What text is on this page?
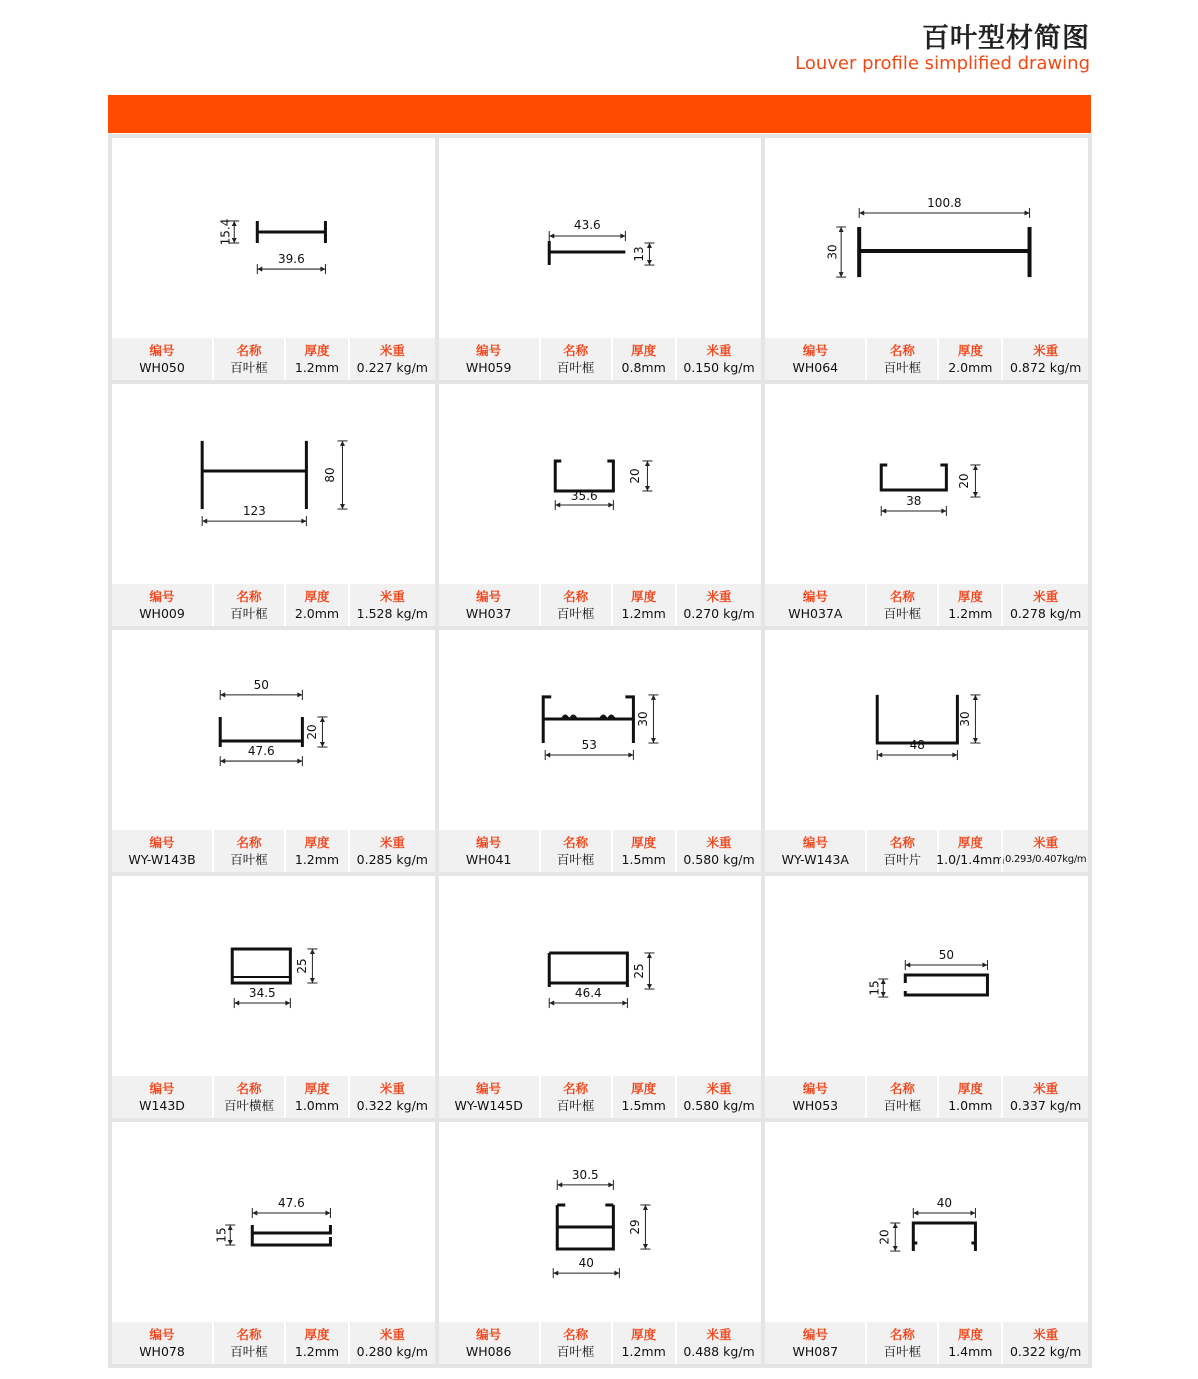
百叶型材简图
Louver profile simplified drawing
15.4
39.6
编号
WH050
名称
百叶框
厚度
1.2mm
米重
0.227 kg/m
43.6
13
编号
WH059
名称
百叶框
厚度
0.8mm
米重
0.150 kg/m
100.8
30
编号
WH064
名称
百叶框
厚度
2.0mm
米重
0.872 kg/m
80
123
编号
WH009
名称
百叶框
厚度
2.0mm
米重
1.528 kg/m
20
35.6
编号
WH037
名称
百叶框
厚度
1.2mm
米重
0.270 kg/m
20
38
编号
WH037A
名称
百叶框
厚度
1.2mm
米重
0.278 kg/m
50
20
47.6
编号
WY-W143B
名称
百叶框
厚度
1.2mm
米重
0.285 kg/m
30
53
编号
WH041
名称
百叶框
厚度
1.5mm
米重
0.580 kg/m
30
48
编号
WY-W143A
名称
百叶片
厚度
1.0/1.4mm
米重
0.293/0.407kg/m
25
34.5
编号
W143D
名称
百叶横框
厚度
1.0mm
米重
0.322 kg/m
25
46.4
编号
WY-W145D
名称
百叶框
厚度
1.5mm
米重
0.580 kg/m
50
15
编号
WH053
名称
百叶框
厚度
1.0mm
米重
0.337 kg/m
47.6
15
编号
WH078
名称
百叶框
厚度
1.2mm
米重
0.280 kg/m
30.5
29
40
编号
WH086
名称
百叶框
厚度
1.2mm
米重
0.488 kg/m
40
20
编号
WH087
名称
百叶框
厚度
1.4mm
米重
0.322 kg/m
